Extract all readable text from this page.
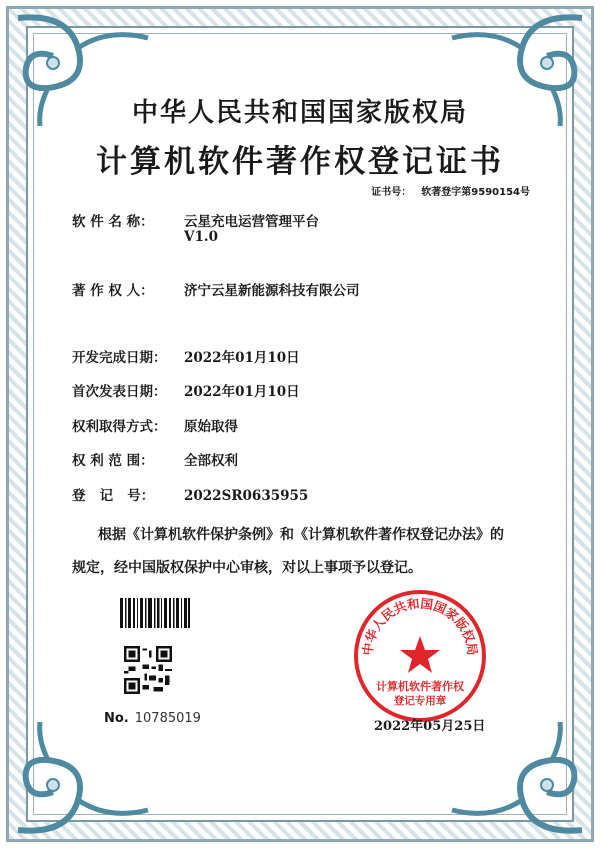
中华人民共和国国家版权局
计算机软件著作权登记证书
证书号： 软著登字第9590154号
软 件 名 称： 云星充电运营管理平台
V1.0
著 作 权 人： 济宁云星新能源科技有限公司
开发完成日期： 2022年01月10日
首次发表日期： 2022年01月10日
权利取得方式： 原始取得
权 利 范 围： 全部权利
登   记   号： 2022SR0635955
根据《计算机软件保护条例》和《计算机软件著作权登记办法》的
规定，经中国版权保护中心审核，对以上事项予以登记。
No. 10785019
中华人民共和国国家版权局
计算机软件著作权
登记专用章
2022年05月25日
